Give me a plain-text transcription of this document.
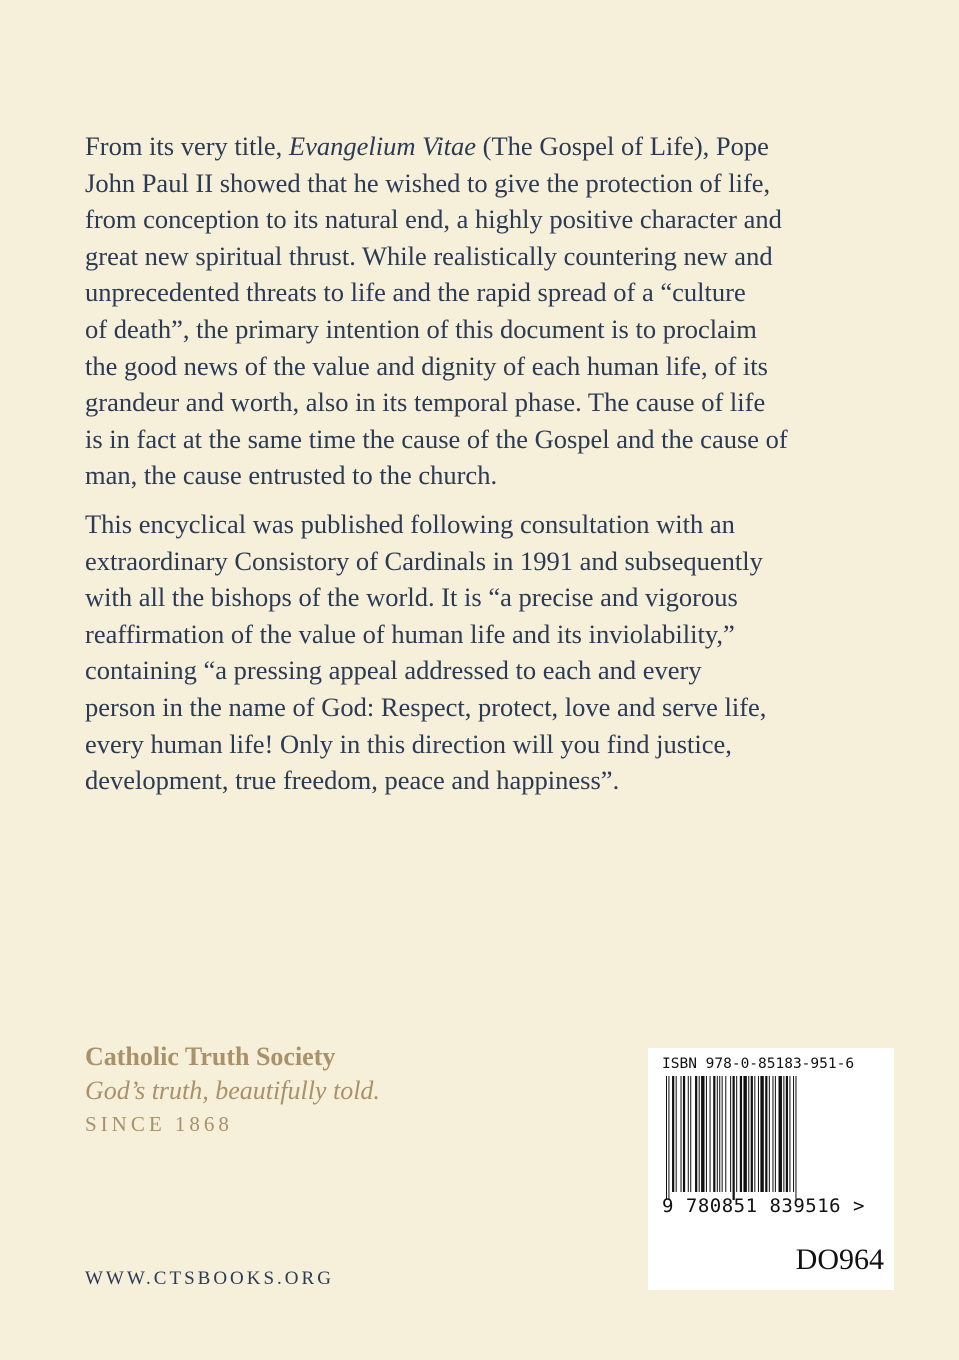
From its very title, Evangelium Vitae (The Gospel of Life), Pope
John Paul II showed that he wished to give the protection of life,
from conception to its natural end, a highly positive character and
great new spiritual thrust. While realistically countering new and
unprecedented threats to life and the rapid spread of a “culture
of death”, the primary intention of this document is to proclaim
the good news of the value and dignity of each human life, of its
grandeur and worth, also in its temporal phase. The cause of life
is in fact at the same time the cause of the Gospel and the cause of
man, the cause entrusted to the church.

This encyclical was published following consultation with an
extraordinary Consistory of Cardinals in 1991 and subsequently
with all the bishops of the world. It is “a precise and vigorous
reaffirmation of the value of human life and its inviolability,”
containing “a pressing appeal addressed to each and every
person in the name of God: Respect, protect, love and serve life,
every human life! Only in this direction will you find justice,
development, true freedom, peace and happiness”.

Catholic Truth Society
God’s truth, beautifully told.
SINCE 1868
WWW.CTSBOOKS.ORG
ISBN 978-0-85183-951-6
9 780851 839516 >
DO964
